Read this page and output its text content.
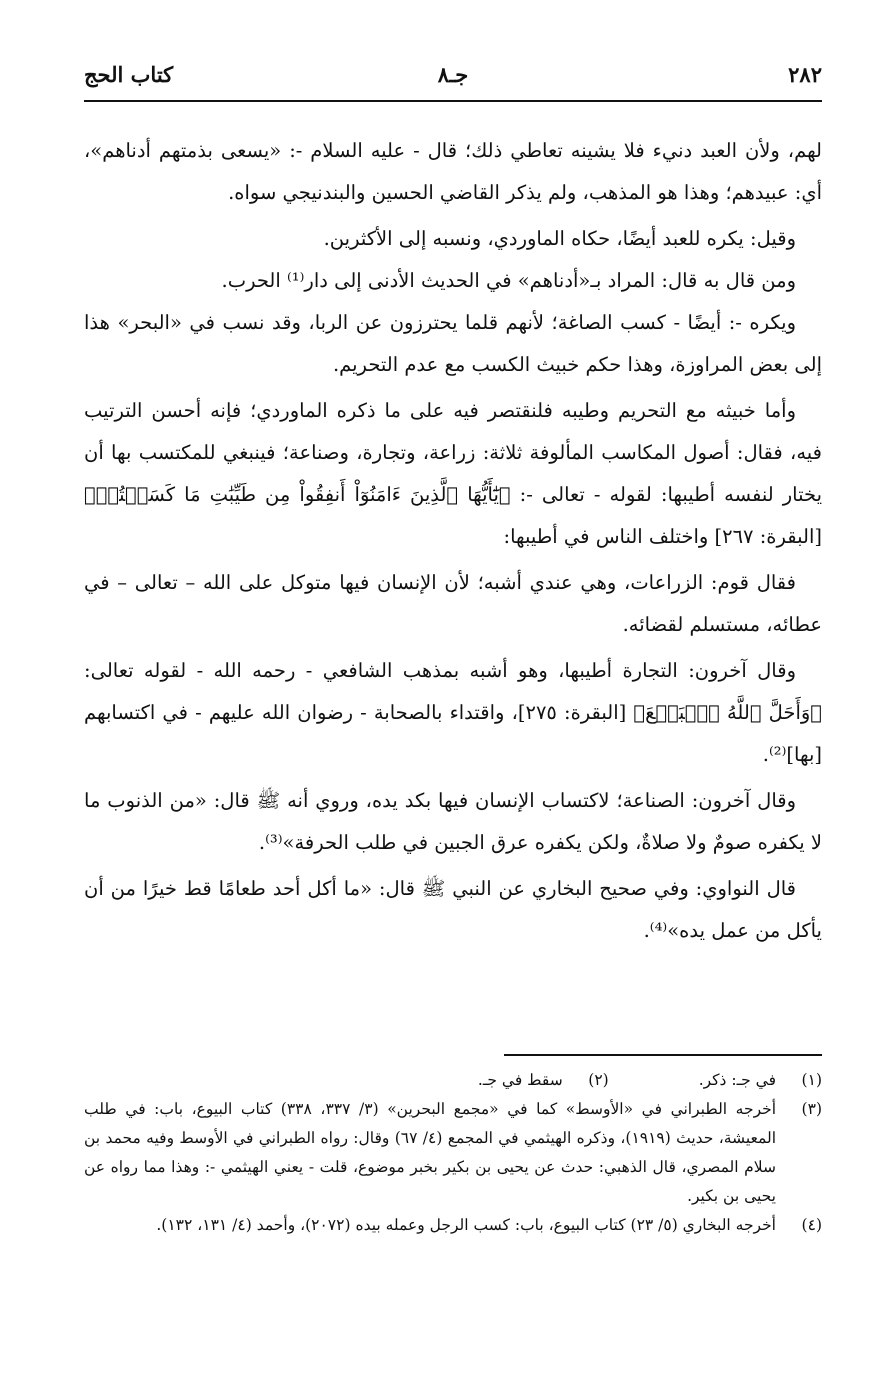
٢٨٢
جـ٨
كتاب الحج

لهم، ولأن العبد دنيء فلا يشينه تعاطي ذلك؛ قال - عليه السلام -: «يسعى بذمتهم أدناهم»، أي: عبيدهم؛ وهذا هو المذهب، ولم يذكر القاضي الحسين والبندنيجي سواه.

وقيل: يكره للعبد أيضًا، حكاه الماوردي، ونسبه إلى الأكثرين.

ومن قال به قال: المراد بـ«أدناهم» في الحديث الأدنى إلى دار⁽¹⁾ الحرب.

ويكره -: أيضًا - كسب الصاغة؛ لأنهم قلما يحترزون عن الربا، وقد نسب في «البحر» هذا إلى بعض المراوزة، وهذا حكم خبيث الكسب مع عدم التحريم.

وأما خبيثه مع التحريم وطيبه فلنقتصر فيه على ما ذكره الماوردي؛ فإنه أحسن الترتيب فيه، فقال: أصول المكاسب المألوفة ثلاثة: زراعة، وتجارة، وصناعة؛ فينبغي للمكتسب بها أن يختار لنفسه أطيبها: لقوله - تعالى -: ﴿يَٰٓأَيُّهَا ٱلَّذِينَ ءَامَنُوٓاْ أَنفِقُواْ مِن طَيِّبَٰتِ مَا كَسَبۡتُمۡ﴾ [البقرة: ٢٦٧] واختلف الناس في أطيبها:

فقال قوم: الزراعات، وهي عندي أشبه؛ لأن الإنسان فيها متوكل على الله – تعالى – في عطائه، مستسلم لقضائه.

وقال آخرون: التجارة أطيبها، وهو أشبه بمذهب الشافعي - رحمه الله - لقوله تعالى: ﴿وَأَحَلَّ ٱللَّهُ ٱلۡبَيۡعَ﴾ [البقرة: ٢٧٥]، واقتداء بالصحابة - رضوان الله عليهم - في اكتسابهم [بها]⁽²⁾.

وقال آخرون: الصناعة؛ لاكتساب الإنسان فيها بكد يده، وروي أنه ﷺ قال: «من الذنوب ما لا يكفره صومٌ ولا صلاةٌ، ولكن يكفره عرق الجبين في طلب الحرفة»⁽³⁾.

قال النواوي: وفي صحيح البخاري عن النبي ﷺ قال: «ما أكل أحد طعامًا قط خيرًا من أن يأكل من عمل يده»⁽⁴⁾.

(١)
في جـ: ذكر.
(٢)
سقط في جـ.
(٣)
أخرجه الطبراني في «الأوسط» كما في «مجمع البحرين» (٣/ ٣٣٧، ٣٣٨) كتاب البيوع، باب: في طلب المعيشة، حديث (١٩١٩)، وذكره الهيثمي في المجمع (٤/ ٦٧) وقال: رواه الطبراني في الأوسط وفيه محمد بن سلام المصري، قال الذهبي: حدث عن يحيى بن بكير بخبر موضوع، قلت - يعني الهيثمي -: وهذا مما رواه عن يحيى بن بكير.
(٤)
أخرجه البخاري (٥/ ٢٣) كتاب البيوع، باب: كسب الرجل وعمله بيده (٢٠٧٢)، وأحمد (٤/ ١٣١، ١٣٢).
